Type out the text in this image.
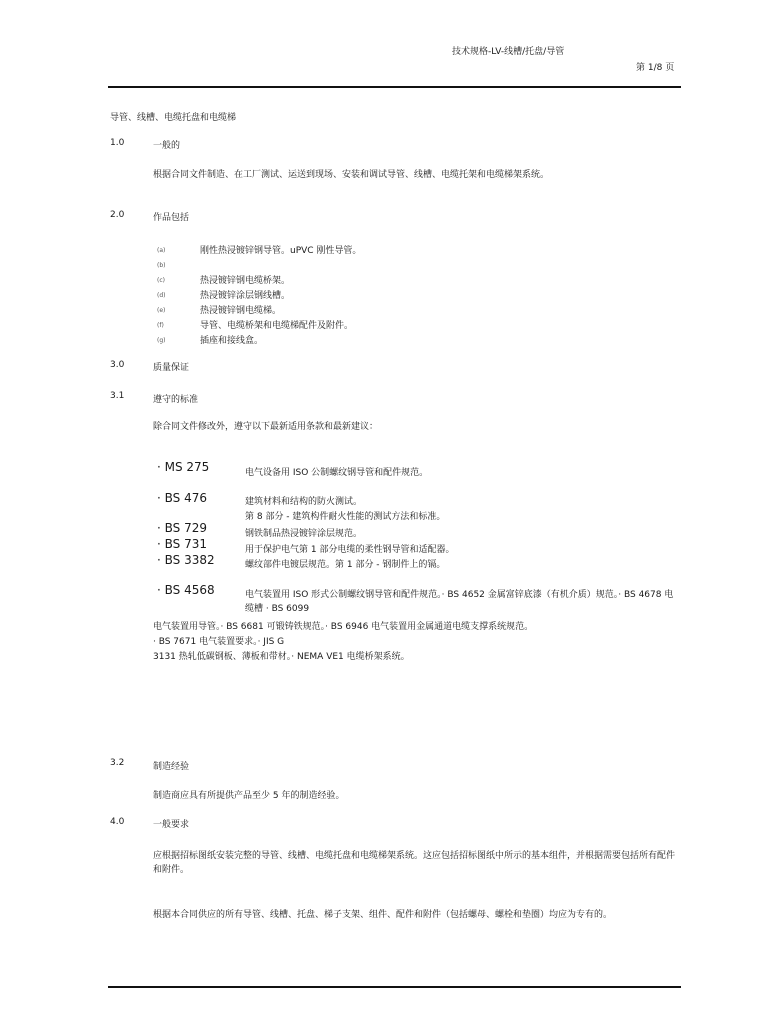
技术规格-LV-线槽/托盘/导管
第 1/8 页
导管、线槽、电缆托盘和电缆梯
1.0	一般的
根据合同文件制造、在工厂测试、运送到现场、安装和调试导管、线槽、电缆托架和电缆梯架系统。
2.0	作品包括
(a)	刚性热浸镀锌钢导管。uPVC 刚性导管。
(b)
(c)	热浸镀锌钢电缆桥架。
(d)	热浸镀锌涂层钢线槽。
(e)	热浸镀锌钢电缆梯。
(f)	导管、电缆桥架和电缆梯配件及附件。
(g)	插座和接线盒。
3.0	质量保证
3.1	遵守的标准
除合同文件修改外，遵守以下最新适用条款和最新建议：
· MS 275	电气设备用 ISO 公制螺纹钢导管和配件规范。
· BS 476	建筑材料和结构的防火测试。
第 8 部分 - 建筑构件耐火性能的测试方法和标准。
· BS 729	钢铁制品热浸镀锌涂层规范。
· BS 731	用于保护电气第 1 部分电缆的柔性钢导管和适配器。
· BS 3382	螺纹部件电镀层规范。第 1 部分 - 钢制件上的镉。
· BS 4568	电气装置用 ISO 形式公制螺纹钢导管和配件规范。· BS 4652 金属富锌底漆（有机介质）规范。· BS 4678 电缆槽 · BS 6099
电气装置用导管。· BS 6681 可锻铸铁规范。· BS 6946 电气装置用金属通道电缆支撑系统规范。
· BS 7671 电气装置要求。· JIS G
3131 热轧低碳钢板、薄板和带材。· NEMA VE1 电缆桥架系统。
3.2	制造经验
制造商应具有所提供产品至少 5 年的制造经验。
4.0	一般要求
应根据招标图纸安装完整的导管、线槽、电缆托盘和电缆梯架系统。这应包括招标图纸中所示的基本组件，并根据需要包括所有配件和附件。
根据本合同供应的所有导管、线槽、托盘、梯子支架、组件、配件和附件（包括螺母、螺栓和垫圈）均应为专有的。
